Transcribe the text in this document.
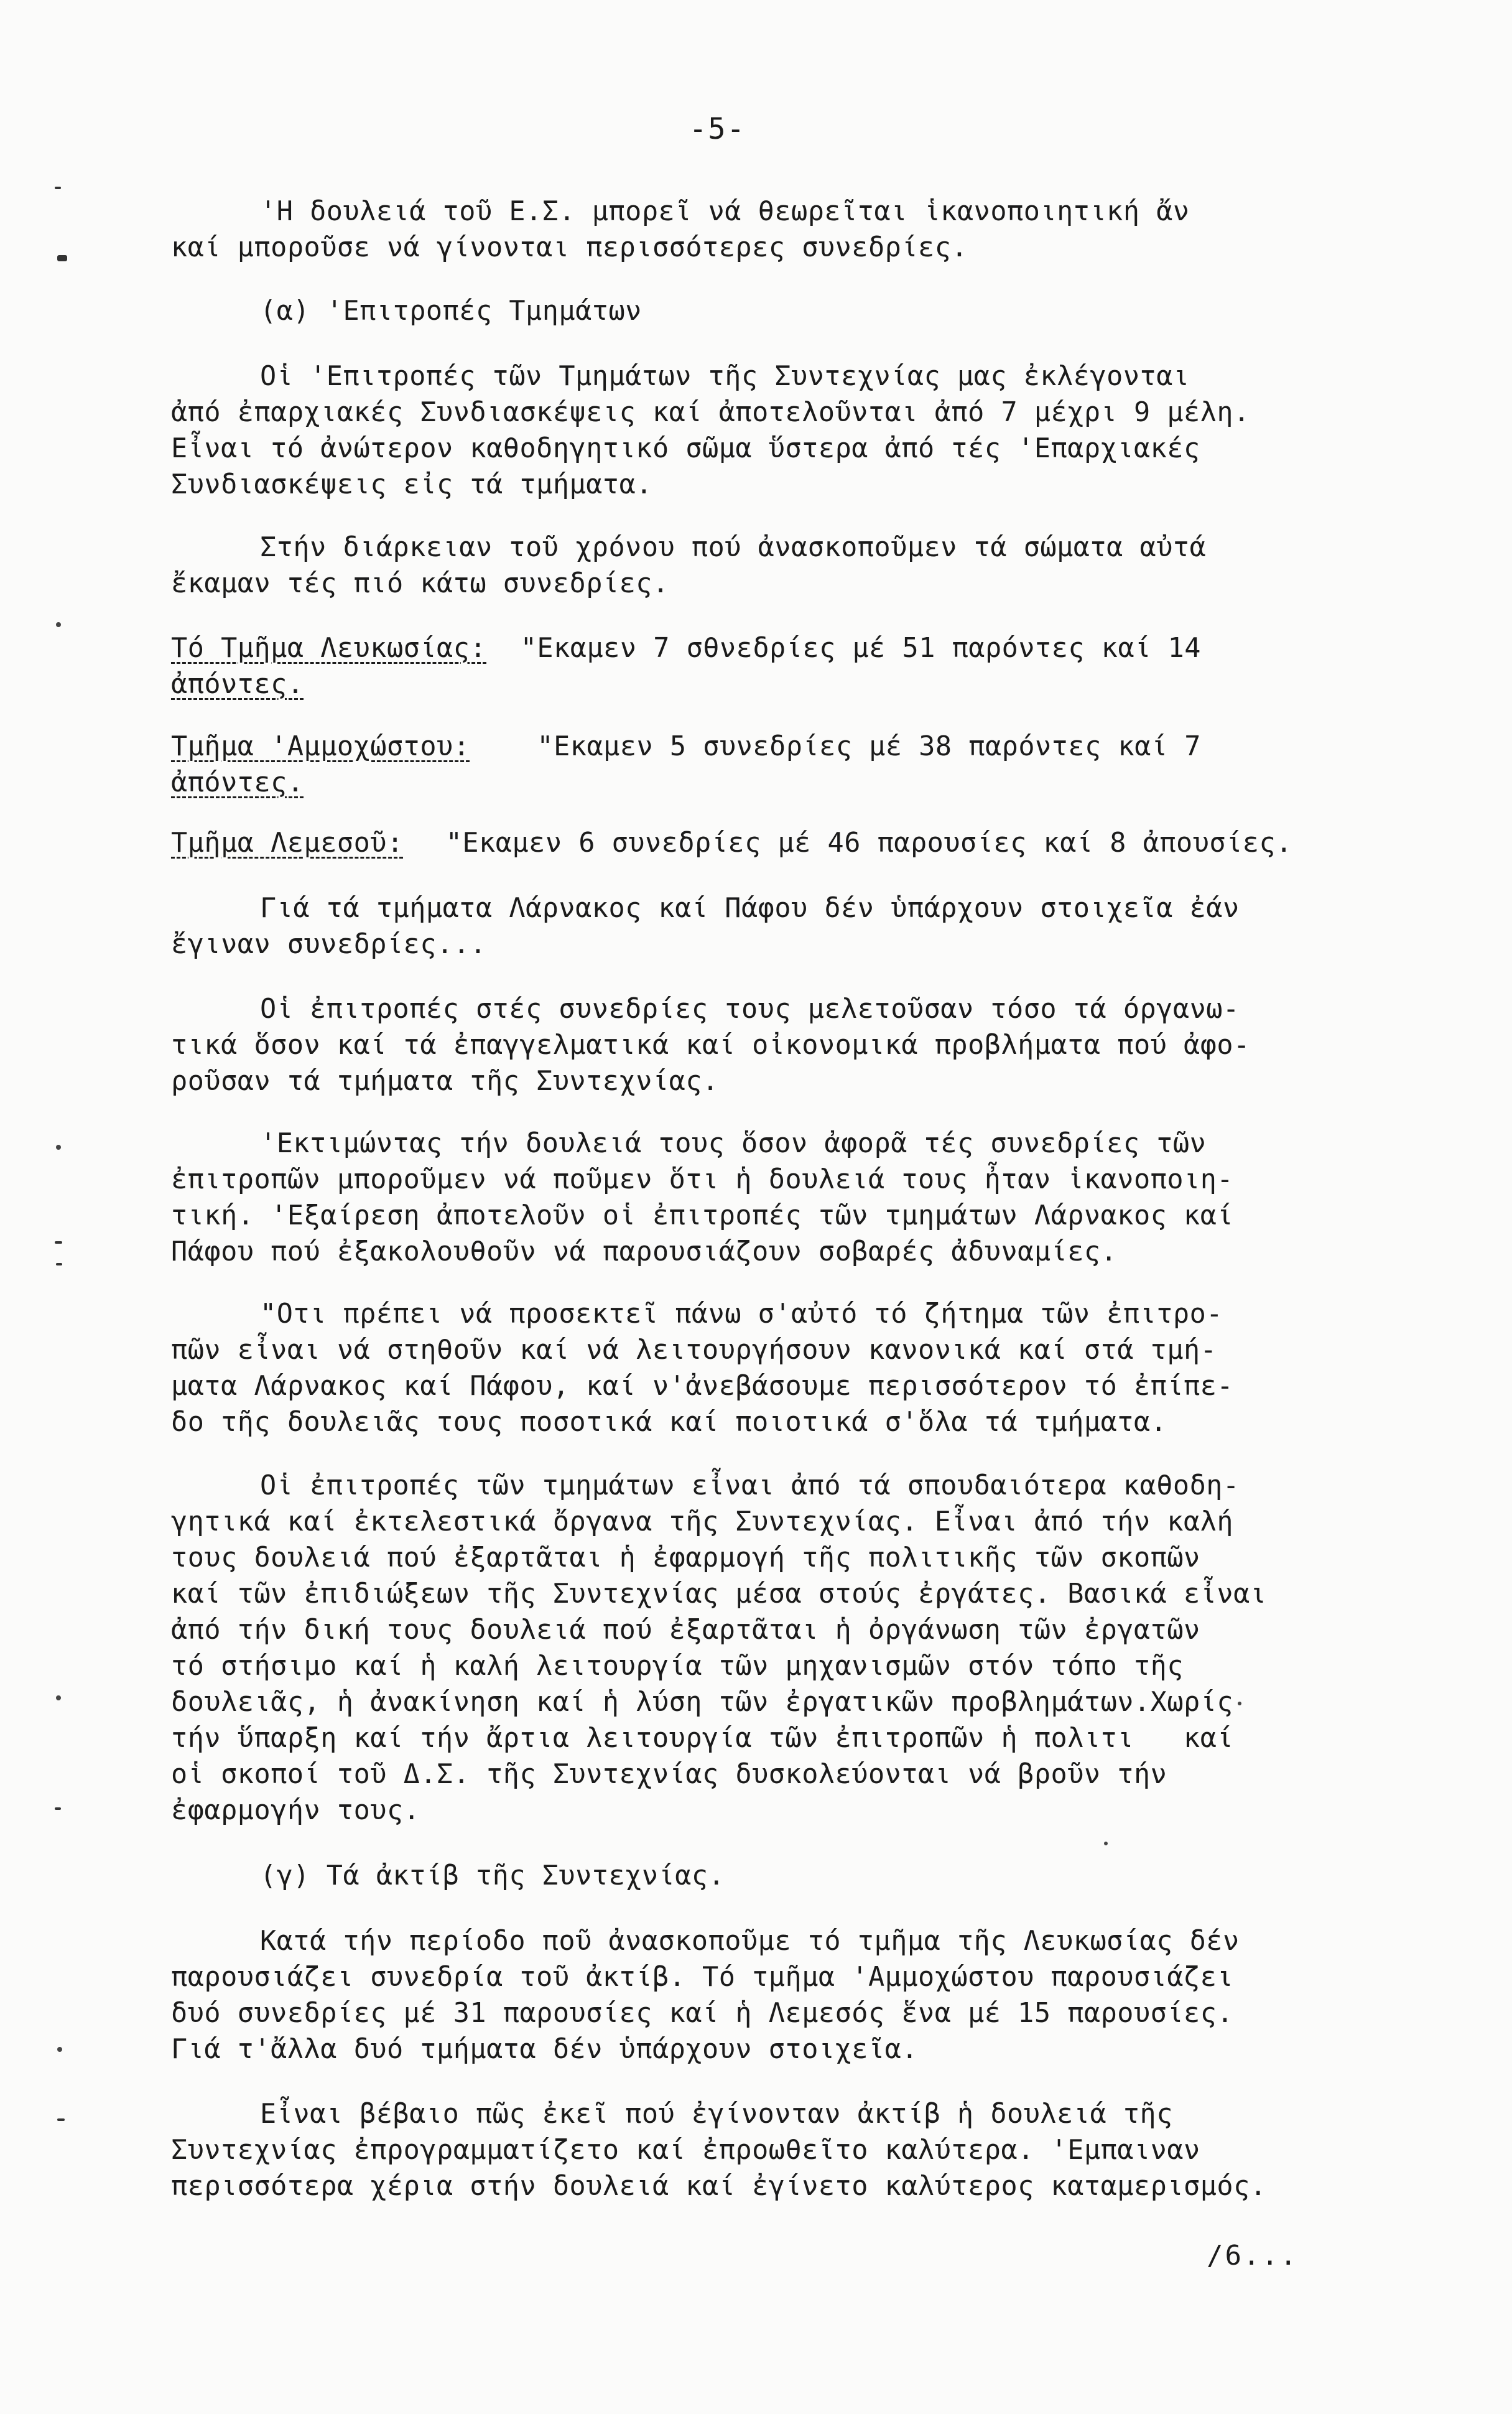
-5-
'Η δουλειά τοῦ Ε.Σ. μπορεῖ νά θεωρεῖται ἱκανοποιητική ἄν
καί μποροῦσε νά γίνονται περισσότερες συνεδρίες.
(α) 'Επιτροπές Τμημάτων
Οἱ 'Επιτροπές τῶν Τμημάτων τῆς Συντεχνίας μας ἐκλέγονται
ἀπό ἐπαρχιακές Συνδιασκέψεις καί ἀποτελοῦνται ἀπό 7 μέχρι 9 μέλη.
Εἶναι τό ἀνώτερον καθοδηγητικό σῶμα ὕστερα ἀπό τές 'Επαρχιακές
Συνδιασκέψεις εἰς τά τμήματα.
Στήν διάρκειαν τοῦ χρόνου πού ἀνασκοποῦμεν τά σώματα αὐτά
ἔκαμαν τές πιό κάτω συνεδρίες.
Τό Τμῆμα Λευκωσίας: "Εκαμεν 7 σθνεδρίες μέ 51 παρόντες καί 14
ἀπόντες.
Τμῆμα 'Αμμοχώστου: "Εκαμεν 5 συνεδρίες μέ 38 παρόντες καί 7
ἀπόντες.
Τμῆμα Λεμεσοῦ: "Εκαμεν 6 συνεδρίες μέ 46 παρουσίες καί 8 ἀπουσίες.
Γιά τά τμήματα Λάρνακος καί Πάφου δέν ὑπάρχουν στοιχεῖα ἐάν
ἔγιναν συνεδρίες...
Οἱ ἐπιτροπές στές συνεδρίες τους μελετοῦσαν τόσο τά όργανω-
τικά ὅσον καί τά ἐπαγγελματικά καί οἰκονομικά προβλήματα πού ἀφο-
ροῦσαν τά τμήματα τῆς Συντεχνίας.
'Εκτιμώντας τήν δουλειά τους ὅσον ἀφορᾶ τές συνεδρίες τῶν
ἐπιτροπῶν μποροῦμεν νά ποῦμεν ὅτι ἡ δουλειά τους ἦταν ἱκανοποιη-
τική. 'Εξαίρεση ἀποτελοῦν οἱ ἐπιτροπές τῶν τμημάτων Λάρνακος καί
Πάφου πού ἐξακολουθοῦν νά παρουσιάζουν σοβαρές ἀδυναμίες.
"Οτι πρέπει νά προσεκτεῖ πάνω σ'αὐτό τό ζήτημα τῶν ἐπιτρο-
πῶν εἶναι νά στηθοῦν καί νά λειτουργήσουν κανονικά καί στά τμή-
ματα Λάρνακος καί Πάφου, καί ν'ἀνεβάσουμε περισσότερον τό ἐπίπε-
δο τῆς δουλειᾶς τους ποσοτικά καί ποιοτικά σ'ὅλα τά τμήματα.
Οἱ ἐπιτροπές τῶν τμημάτων εἶναι ἀπό τά σπουδαιότερα καθοδη-
γητικά καί ἐκτελεστικά ὄργανα τῆς Συντεχνίας. Εἶναι ἀπό τήν καλή
τους δουλειά πού ἐξαρτᾶται ἡ ἐφαρμογή τῆς πολιτικῆς τῶν σκοπῶν
καί τῶν ἐπιδιώξεων τῆς Συντεχνίας μέσα στούς ἐργάτες. Βασικά εἶναι
ἀπό τήν δική τους δουλειά πού ἐξαρτᾶται ἡ ὀργάνωση τῶν ἐργατῶν
τό στήσιμο καί ἡ καλή λειτουργία τῶν μηχανισμῶν στόν τόπο τῆς
δουλειᾶς, ἡ ἀνακίνηση καί ἡ λύση τῶν ἐργατικῶν προβλημάτων.Χωρίς
τήν ὕπαρξη καί τήν ἄρτια λειτουργία τῶν ἐπιτροπῶν ἡ πολιτι   καί
οἱ σκοποί τοῦ Δ.Σ. τῆς Συντεχνίας δυσκολεύονται νά βροῦν τήν
ἐφαρμογήν τους.
(γ) Τά ἀκτίβ τῆς Συντεχνίας.
Κατά τήν περίοδο ποῦ ἀνασκοποῦμε τό τμῆμα τῆς Λευκωσίας δέν
παρουσιάζει συνεδρία τοῦ ἀκτίβ. Τό τμῆμα 'Αμμοχώστου παρουσιάζει
δυό συνεδρίες μέ 31 παρουσίες καί ἡ Λεμεσός ἕνα μέ 15 παρουσίες.
Γιά τ'ἄλλα δυό τμήματα δέν ὑπάρχουν στοιχεῖα.
Εἶναι βέβαιο πῶς ἐκεῖ πού ἐγίνονταν ἀκτίβ ἡ δουλειά τῆς
Συντεχνίας ἐπρογραμματίζετο καί ἐπροωθεῖτο καλύτερα. 'Εμπαιναν
περισσότερα χέρια στήν δουλειά καί ἐγίνετο καλύτερος καταμερισμός.
/6...
